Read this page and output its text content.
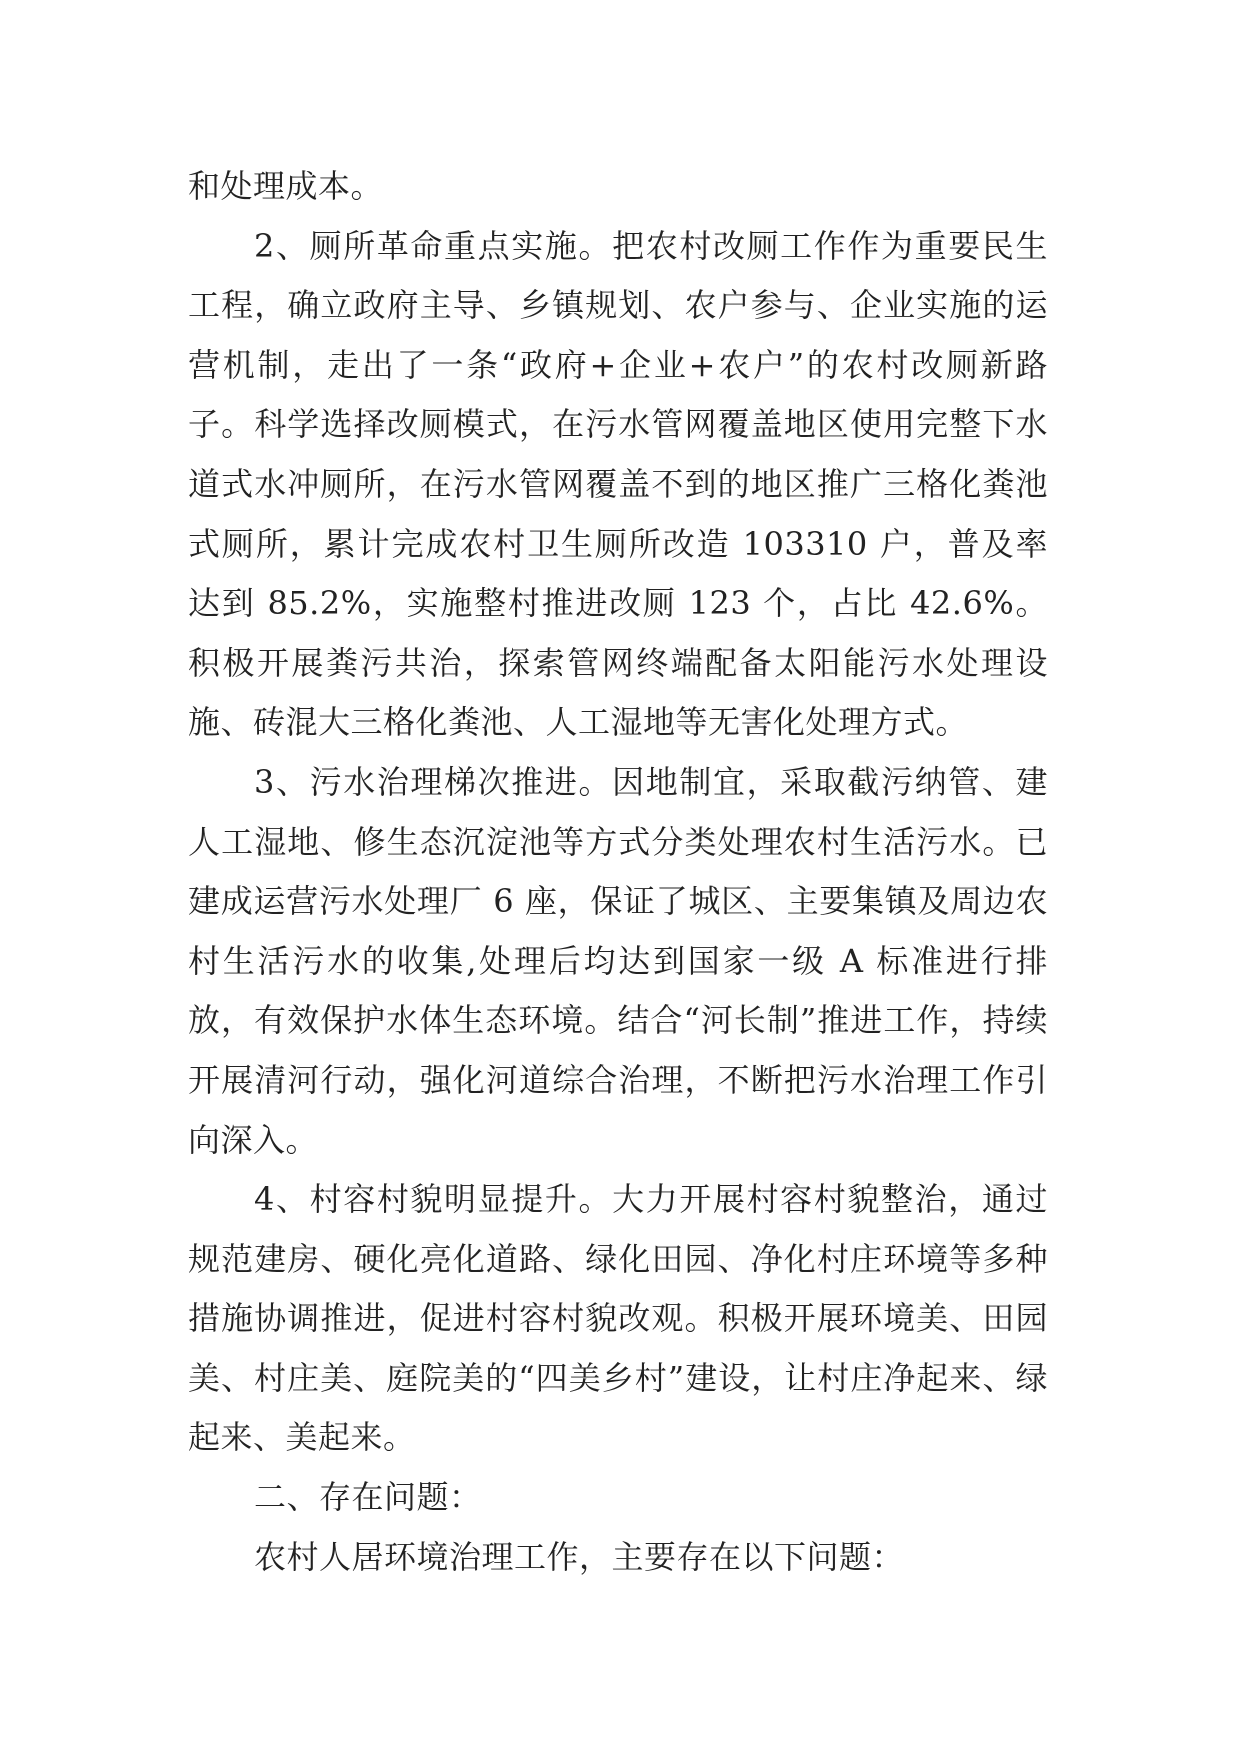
和处理成本。

2、厕所革命重点实施。把农村改厕工作作为重要民生工程，确立政府主导、乡镇规划、农户参与、企业实施的运营机制，走出了一条“政府+企业+农户”的农村改厕新路子。科学选择改厕模式，在污水管网覆盖地区使用完整下水道式水冲厕所，在污水管网覆盖不到的地区推广三格化粪池式厕所，累计完成农村卫生厕所改造 103310 户，普及率达到 85.2%，实施整村推进改厕 123 个，占比 42.6%。积极开展粪污共治，探索管网终端配备太阳能污水处理设施、砖混大三格化粪池、人工湿地等无害化处理方式。

3、污水治理梯次推进。因地制宜，采取截污纳管、建人工湿地、修生态沉淀池等方式分类处理农村生活污水。已建成运营污水处理厂 6 座，保证了城区、主要集镇及周边农村生活污水的收集,处理后均达到国家一级 A 标准进行排放，有效保护水体生态环境。结合“河长制”推进工作，持续开展清河行动，强化河道综合治理，不断把污水治理工作引向深入。

4、村容村貌明显提升。大力开展村容村貌整治，通过规范建房、硬化亮化道路、绿化田园、净化村庄环境等多种措施协调推进，促进村容村貌改观。积极开展环境美、田园美、村庄美、庭院美的“四美乡村”建设，让村庄净起来、绿起来、美起来。

二、存在问题：

农村人居环境治理工作，主要存在以下问题：
